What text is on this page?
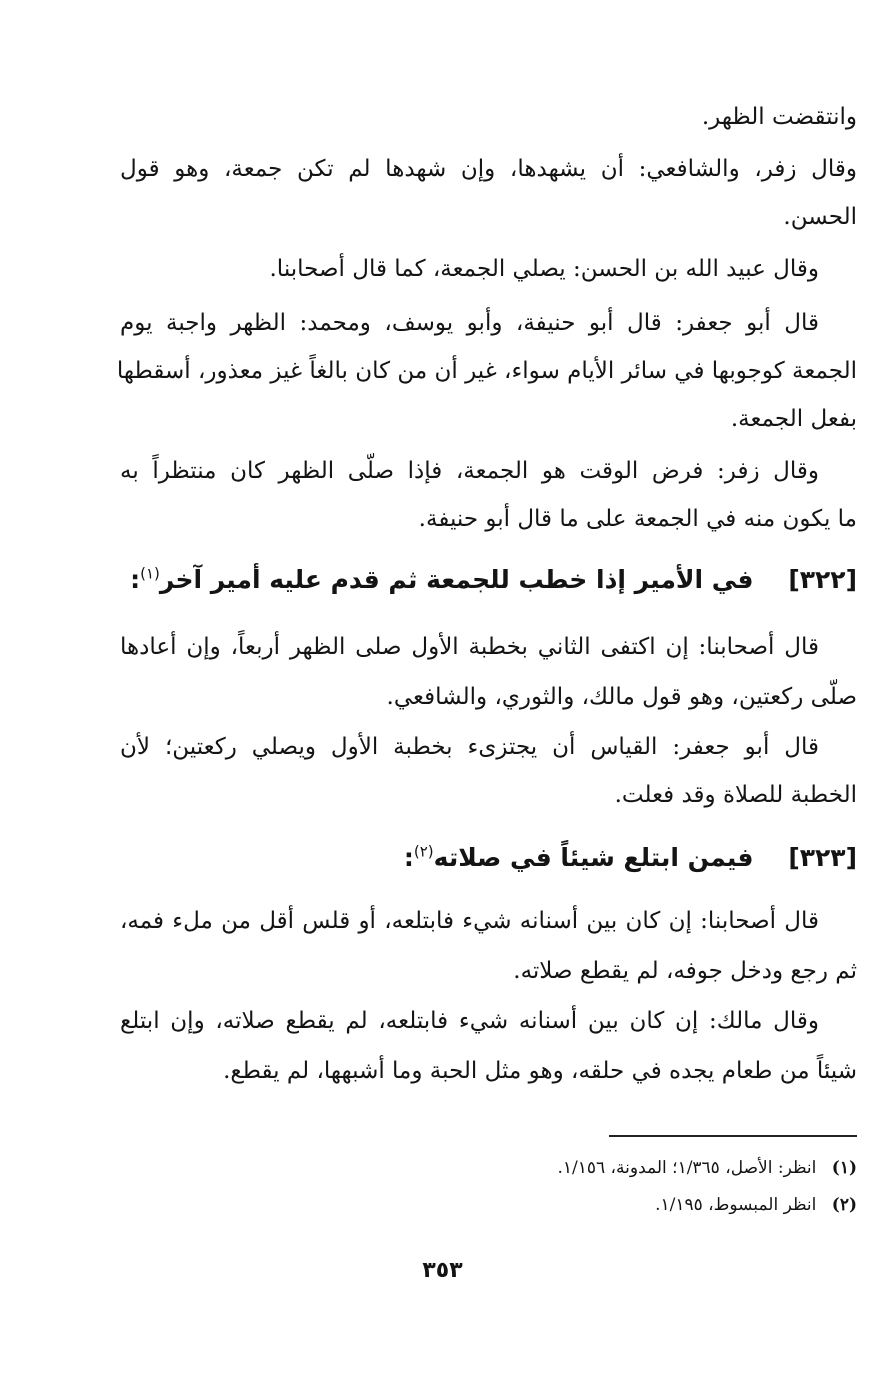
وانتقضت الظهر.
وقال زفر، والشافعي: أن يشهدها، وإن شهدها لم تكن جمعة، وهو قول
الحسن.
وقال عبيد الله بن الحسن: يصلي الجمعة، كما قال أصحابنا.
قال أبو جعفر: قال أبو حنيفة، وأبو يوسف، ومحمد: الظهر واجبة يوم
الجمعة كوجوبها في سائر الأيام سواء، غير أن من كان بالغاً غيز معذور، أسقطها
بفعل الجمعة.
وقال زفر: فرض الوقت هو الجمعة، فإذا صلّى الظهر كان منتظراً به
ما يكون منه في الجمعة على ما قال أبو حنيفة.
[٣٢٢]    في الأمير إذا خطب للجمعة ثم قدم عليه أمير آخر$^{(١)}$:
قال أصحابنا: إن اكتفى الثاني بخطبة الأول صلى الظهر أربعاً، وإن أعادها
صلّى ركعتين، وهو قول مالك، والثوري، والشافعي.
قال أبو جعفر: القياس أن يجتزىء بخطبة الأول ويصلي ركعتين؛ لأن
الخطبة للصلاة وقد فعلت.
[٣٢٣]    فيمن ابتلع شيئاً في صلاته$^{(٢)}$:
قال أصحابنا: إن كان بين أسنانه شيء فابتلعه، أو قلس أقل من ملء فمه،
ثم رجع ودخل جوفه، لم يقطع صلاته.
وقال مالك: إن كان بين أسنانه شيء فابتلعه، لم يقطع صلاته، وإن ابتلع
شيئاً من طعام يجده في حلقه، وهو مثل الحبة وما أشبهها، لم يقطع.
(١) انظر: الأصل، ١/٣٦٥؛ المدونة، ١/١٥٦.
(٢) انظر المبسوط، ١/١٩٥.
٣٥٣
